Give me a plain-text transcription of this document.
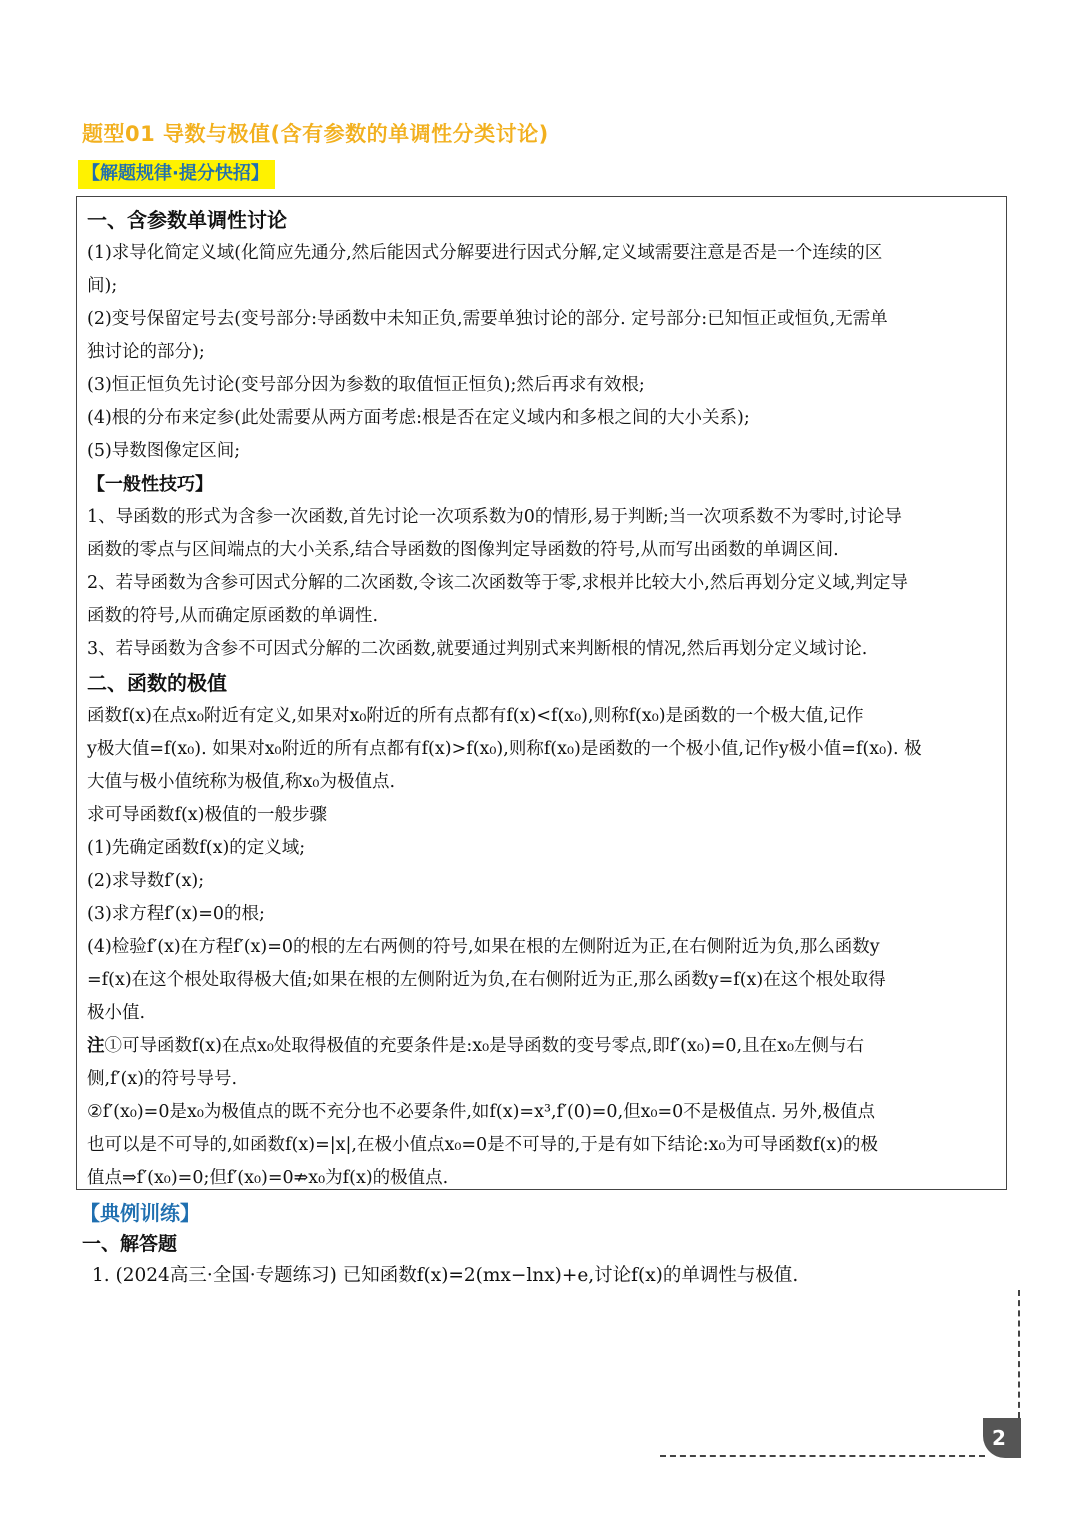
题型01 导数与极值(含有参数的单调性分类讨论)
【解题规律·提分快招】

一、含参数单调性讨论

(1)求导化简定义域(化简应先通分,然后能因式分解要进行因式分解,定义域需要注意是否是一个连续的区

间);

(2)变号保留定号去(变号部分:导函数中未知正负,需要单独讨论的部分. 定号部分:已知恒正或恒负,无需单

独讨论的部分);

(3)恒正恒负先讨论(变号部分因为参数的取值恒正恒负);然后再求有效根;

(4)根的分布来定参(此处需要从两方面考虑:根是否在定义域内和多根之间的大小关系);

(5)导数图像定区间;

【一般性技巧】

1、导函数的形式为含参一次函数,首先讨论一次项系数为0的情形,易于判断;当一次项系数不为零时,讨论导

函数的零点与区间端点的大小关系,结合导函数的图像判定导函数的符号,从而写出函数的单调区间.

2、若导函数为含参可因式分解的二次函数,令该二次函数等于零,求根并比较大小,然后再划分定义域,判定导

函数的符号,从而确定原函数的单调性.

3、若导函数为含参不可因式分解的二次函数,就要通过判别式来判断根的情况,然后再划分定义域讨论.

二、函数的极值

函数f(x)在点x₀附近有定义,如果对x₀附近的所有点都有f(x)<f(x₀),则称f(x₀)是函数的一个极大值,记作

y极大值=f(x₀). 如果对x₀附近的所有点都有f(x)>f(x₀),则称f(x₀)是函数的一个极小值,记作y极小值=f(x₀). 极

大值与极小值统称为极值,称x₀为极值点.

求可导函数f(x)极值的一般步骤

(1)先确定函数f(x)的定义域;

(2)求导数f′(x);

(3)求方程f′(x)=0的根;

(4)检验f′(x)在方程f′(x)=0的根的左右两侧的符号,如果在根的左侧附近为正,在右侧附近为负,那么函数y

=f(x)在这个根处取得极大值;如果在根的左侧附近为负,在右侧附近为正,那么函数y=f(x)在这个根处取得

极小值.

注①可导函数f(x)在点x₀处取得极值的充要条件是:x₀是导函数的变号零点,即f′(x₀)=0,且在x₀左侧与右

侧,f′(x)的符号导号.

②f′(x₀)=0是x₀为极值点的既不充分也不必要条件,如f(x)=x³,f′(0)=0,但x₀=0不是极值点. 另外,极值点

也可以是不可导的,如函数f(x)=|x|,在极小值点x₀=0是不可导的,于是有如下结论:x₀为可导函数f(x)的极

值点⇒f′(x₀)=0;但f′(x₀)=0⇏x₀为f(x)的极值点.

【典例训练】
一、解答题
1. (2024高三·全国·专题练习) 已知函数f(x)=2(mx−lnx)+e,讨论f(x)的单调性与极值.
2
